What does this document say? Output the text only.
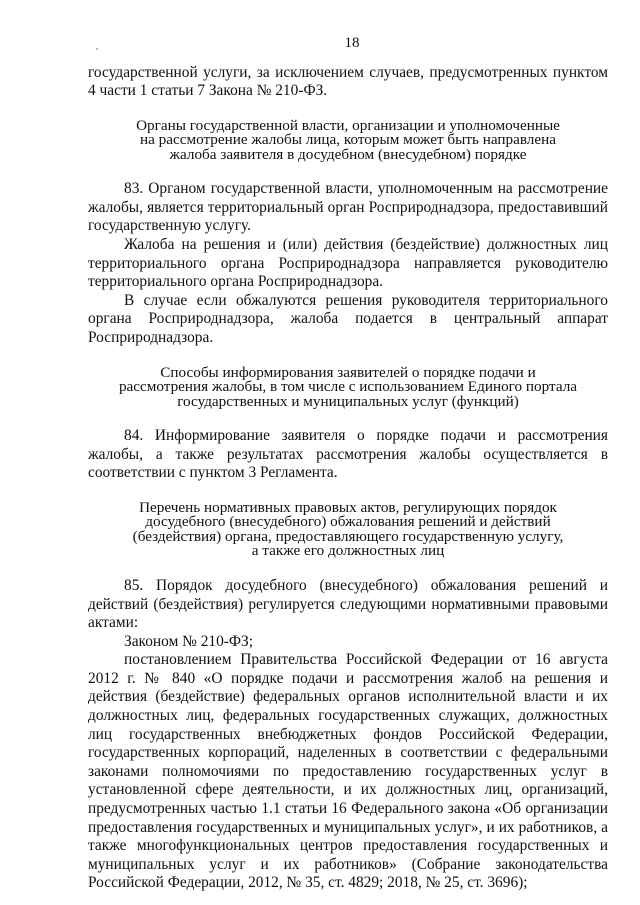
18

государственной услуги, за исключением случаев, предусмотренных пунктом 4 части 1 статьи 7 Закона № 210-ФЗ.

Органы государственной власти, организации и уполномоченные
на рассмотрение жалобы лица, которым может быть направлена
жалоба заявителя в досудебном (внесудебном) порядке

83. Органом государственной власти, уполномоченным на рассмотрение жалобы, является территориальный орган Росприроднадзора, предоставивший государственную услугу.

Жалоба на решения и (или) действия (бездействие) должностных лиц территориального органа Росприроднадзора направляется руководителю территориального органа Росприроднадзора.

В случае если обжалуются решения руководителя территориального органа Росприроднадзора, жалоба подается в центральный аппарат Росприроднадзора.

Способы информирования заявителей о порядке подачи и
рассмотрения жалобы, в том числе с использованием Единого портала
государственных и муниципальных услуг (функций)

84. Информирование заявителя о порядке подачи и рассмотрения жалобы, а также результатах рассмотрения жалобы осуществляется в соответствии с пунктом 3 Регламента.

Перечень нормативных правовых актов, регулирующих порядок
досудебного (внесудебного) обжалования решений и действий
(бездействия) органа, предоставляющего государственную услугу,
а также его должностных лиц

85. Порядок досудебного (внесудебного) обжалования решений и действий (бездействия) регулируется следующими нормативными правовыми актами:

Законом № 210-ФЗ;

постановлением Правительства Российской Федерации от 16 августа 2012 г. № 840 «О порядке подачи и рассмотрения жалоб на решения и действия (бездействие) федеральных органов исполнительной власти и их должностных лиц, федеральных государственных служащих, должностных лиц государственных внебюджетных фондов Российской Федерации, государственных корпораций, наделенных в соответствии с федеральными законами полномочиями по предоставлению государственных услуг в установленной сфере деятельности, и их должностных лиц, организаций, предусмотренных частью 1.1 статьи 16 Федерального закона «Об организации предоставления государственных и муниципальных услуг», и их работников, а также многофункциональных центров предоставления государственных и муниципальных услуг и их работников» (Собрание законодательства Российской Федерации, 2012, № 35, ст. 4829; 2018, № 25, ст. 3696);
